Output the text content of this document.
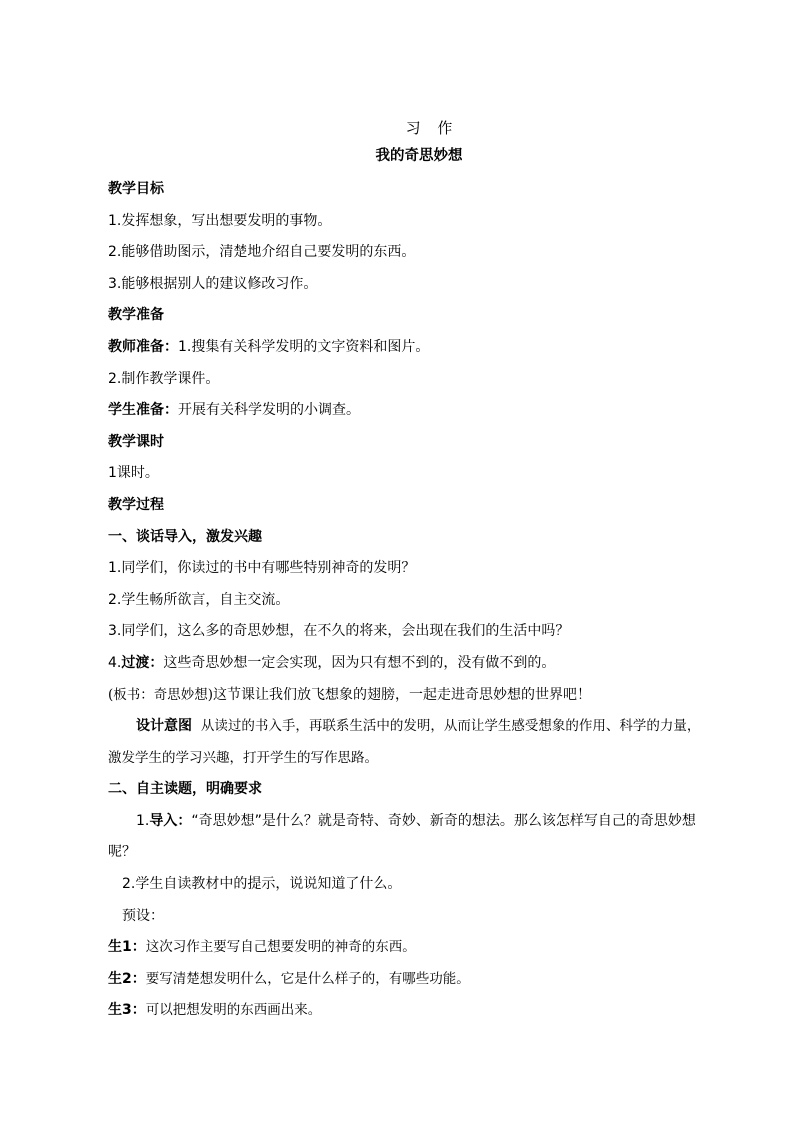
习 作

我的奇思妙想

教学目标

1.发挥想象，写出想要发明的事物。

2.能够借助图示，清楚地介绍自己要发明的东西。

3.能够根据别人的建议修改习作。

教学准备

教师准备：1.搜集有关科学发明的文字资料和图片。

2.制作教学课件。

学生准备：开展有关科学发明的小调查。

教学课时

1课时。

教学过程

一、谈话导入，激发兴趣

1.同学们，你读过的书中有哪些特别神奇的发明？

2.学生畅所欲言，自主交流。

3.同学们，这么多的奇思妙想，在不久的将来，会出现在我们的生活中吗？

4.过渡：这些奇思妙想一定会实现，因为只有想不到的，没有做不到的。

(板书：奇思妙想)这节课让我们放飞想象的翅膀，一起走进奇思妙想的世界吧！

设计意图 从读过的书入手，再联系生活中的发明，从而让学生感受想象的作用、科学的力量，激发学生的学习兴趣，打开学生的写作思路。

二、自主读题，明确要求

1.导入：“奇思妙想”是什么？就是奇特、奇妙、新奇的想法。那么该怎样写自己的奇思妙想呢？

2.学生自读教材中的提示，说说知道了什么。

预设：

生1：这次习作主要写自己想要发明的神奇的东西。

生2：要写清楚想发明什么，它是什么样子的，有哪些功能。

生3：可以把想发明的东西画出来。
